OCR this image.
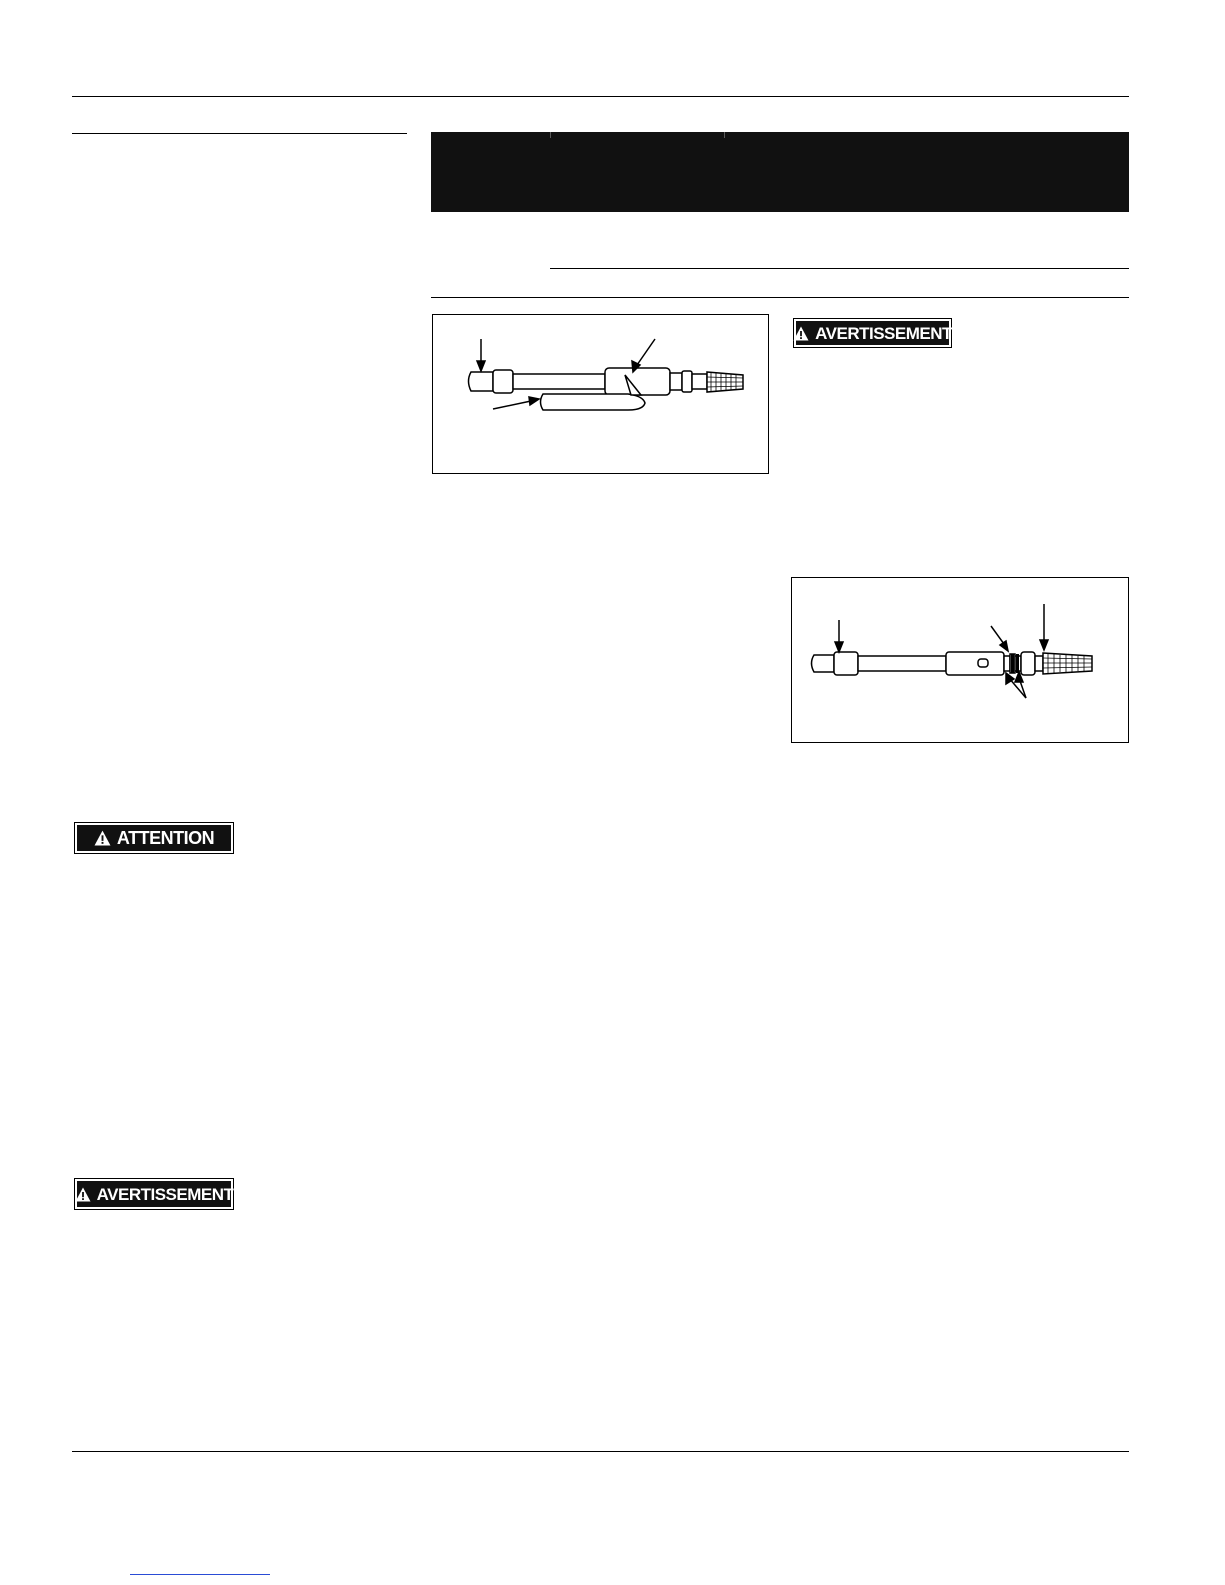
AVERTISSEMENT
ATTENTION
AVERTISSEMENT
